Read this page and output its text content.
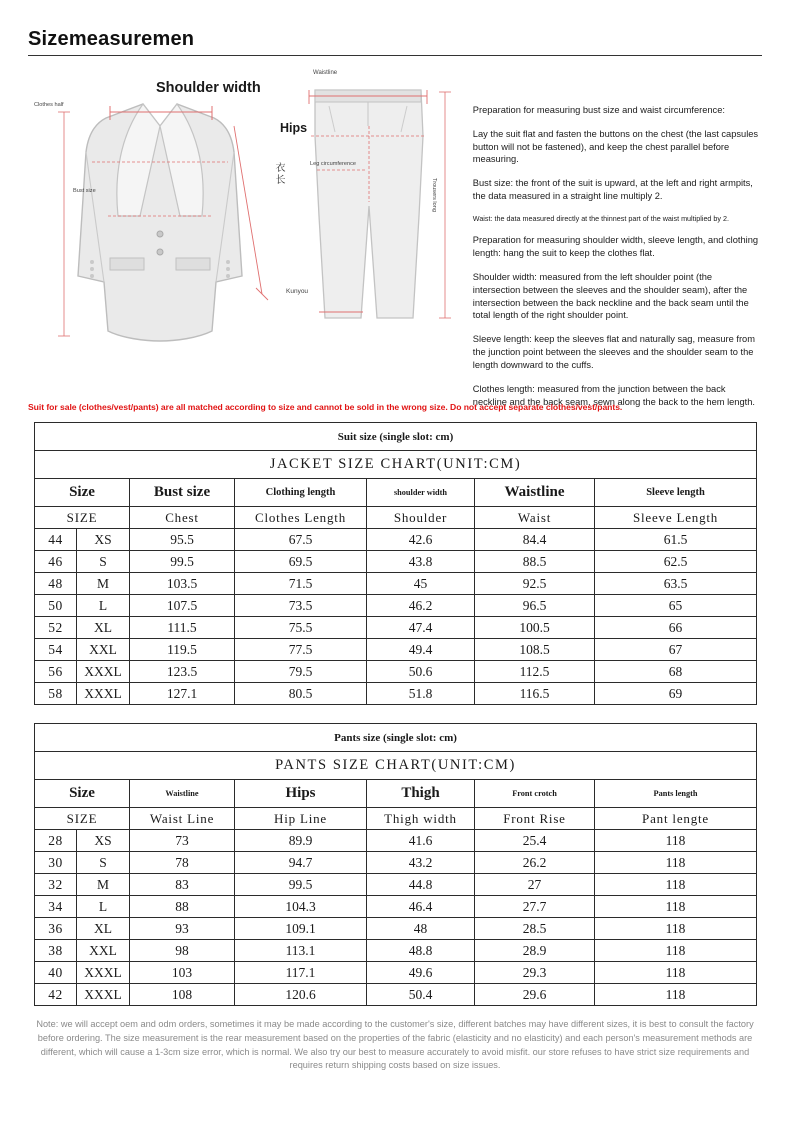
Sizemeasuremen
Shoulder width
Hips
Waistline
Clothes half
Bust size
Leg circumference
Trousers long
衣长
Kunyou
Preparation for measuring bust size and waist circumference:
Lay the suit flat and fasten the buttons on the chest (the last capsules button will not be fastened), and keep the chest parallel before measuring.
Bust size: the front of the suit is upward, at the left and right armpits, the data measured in a straight line multiply 2.
Waist: the data measured directly at the thinnest part of the waist multiplied by 2.
Preparation for measuring shoulder width, sleeve length, and clothing length: hang the suit to keep the clothes flat.
Shoulder width: measured from the left shoulder point (the intersection between the sleeves and the shoulder seam), after the intersection between the back neckline and the back seam until the total length of the right shoulder point.
Sleeve length: keep the sleeves flat and naturally sag, measure from the junction point between the sleeves and the shoulder seam to the length downward to the cuffs.
Clothes length: measured from the junction between the back neckline and the back seam, sewn along the back to the hem length.
Suit for sale (clothes/vest/pants) are all matched according to size and cannot be sold in the wrong size. Do not accept separate clothes/vest/pants.
Suit size (single slot: cm)						
JACKET SIZE CHART(UNIT:CM)						
Size		Bust size	Clothing length	shoulder width	Waistline	Sleeve length
SIZE		Chest	Clothes Length	Shoulder	Waist	Sleeve Length
44	XS	95.5	67.5	42.6	84.4	61.5
46	S	99.5	69.5	43.8	88.5	62.5
48	M	103.5	71.5	45	92.5	63.5
50	L	107.5	73.5	46.2	96.5	65
52	XL	111.5	75.5	47.4	100.5	66
54	XXL	119.5	77.5	49.4	108.5	67
56	XXXL	123.5	79.5	50.6	112.5	68
58	XXXL	127.1	80.5	51.8	116.5	69
Pants size (single slot: cm)						
PANTS SIZE CHART(UNIT:CM)						
Size		Waistline	Hips	Thigh	Front crotch	Pants length
SIZE		Waist Line	Hip Line	Thigh width	Front Rise	Pant lengte
28	XS	73	89.9	41.6	25.4	118
30	S	78	94.7	43.2	26.2	118
32	M	83	99.5	44.8	27	118
34	L	88	104.3	46.4	27.7	118
36	XL	93	109.1	48	28.5	118
38	XXL	98	113.1	48.8	28.9	118
40	XXXL	103	117.1	49.6	29.3	118
42	XXXL	108	120.6	50.4	29.6	118
Note: we will accept oem and odm orders, sometimes it may be made according to the customer's size, different batches may have different sizes, it is best to consult the factory before ordering. The size measurement is the rear measurement based on the properties of the fabric (elasticity and no elasticity) and each person's measurement methods are different, which will cause a 1-3cm size error, which is normal. We also try our best to measure accurately to avoid misfit. our store refuses to have strict size requirements and requires return shipping costs based on size issues.
